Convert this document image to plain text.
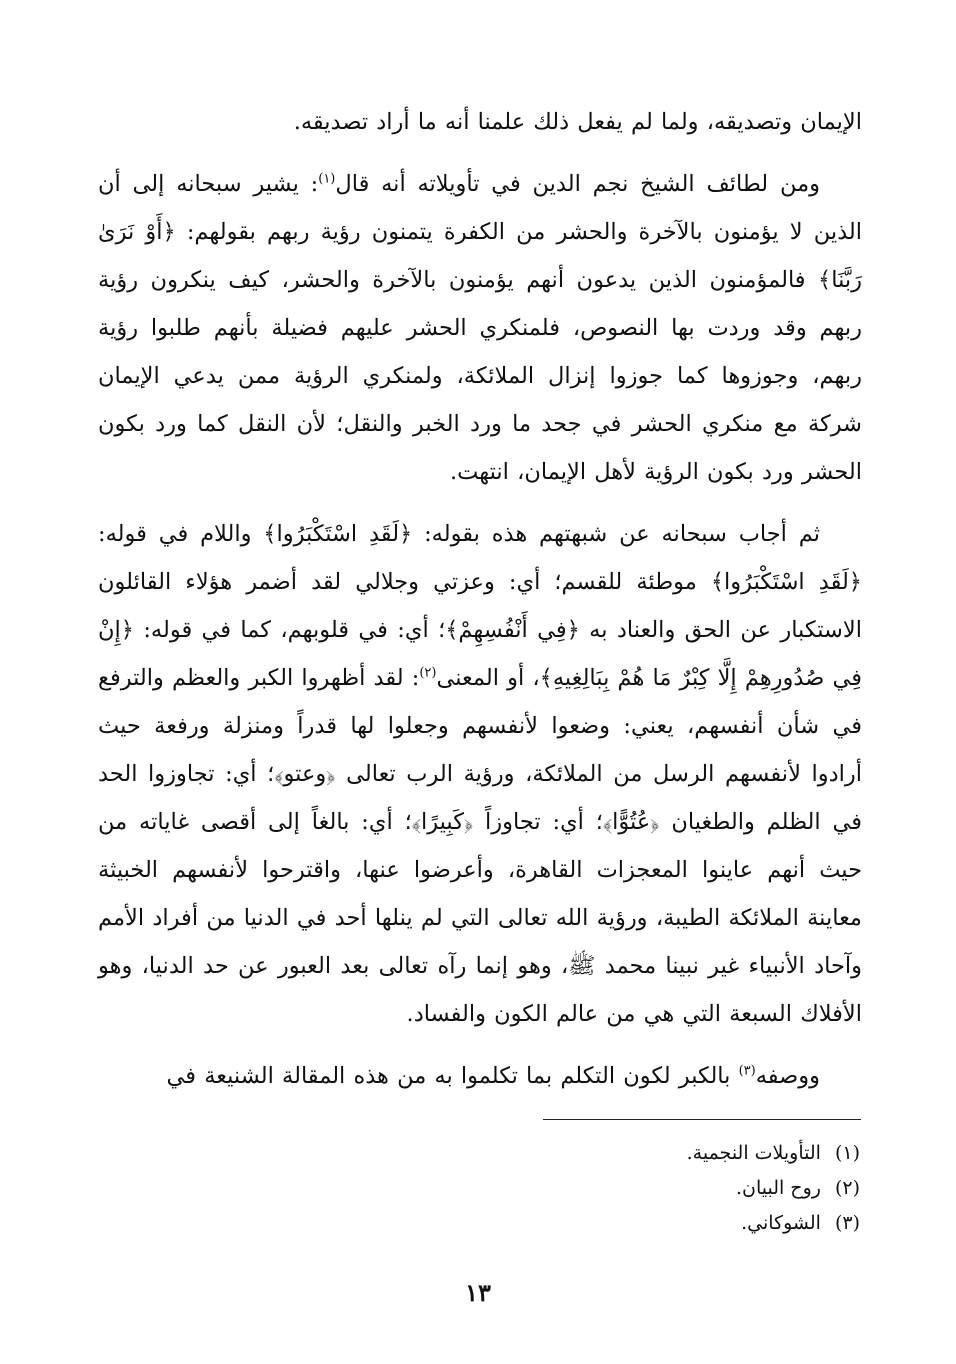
الإيمان وتصديقه، ولما لم يفعل ذلك علمنا أنه ما أراد تصديقه.

ومن لطائف الشيخ نجم الدين في تأويلاته أنه قال$^{(١)}$: يشير سبحانه إلى أن الذين لا يؤمنون بالآخرة والحشر من الكفرة يتمنون رؤية ربهم بقولهم: ﴿أَوْ نَرَىٰ رَبَّنَا﴾ فالمؤمنون الذين يدعون أنهم يؤمنون بالآخرة والحشر، كيف ينكرون رؤية ربهم وقد وردت بها النصوص، فلمنكري الحشر عليهم فضيلة بأنهم طلبوا رؤية ربهم، وجوزوها كما جوزوا إنزال الملائكة، ولمنكري الرؤية ممن يدعي الإيمان شركة مع منكري الحشر في جحد ما ورد الخبر والنقل؛ لأن النقل كما ورد بكون الحشر ورد بكون الرؤية لأهل الإيمان، انتهت.

ثم أجاب سبحانه عن شبهتهم هذه بقوله: ﴿لَقَدِ اسْتَكْبَرُوا﴾ واللام في قوله: ﴿لَقَدِ اسْتَكْبَرُوا﴾ موطئة للقسم؛ أي: وعزتي وجلالي لقد أضمر هؤلاء القائلون الاستكبار عن الحق والعناد به ﴿فِي أَنْفُسِهِمْ﴾؛ أي: في قلوبهم، كما في قوله: ﴿إِنْ فِي صُدُورِهِمْ إِلَّا كِبْرٌ مَا هُمْ بِبَالِغِيهِ﴾، أو المعنى$^{(٢)}$: لقد أظهروا الكبر والعظم والترفع في شأن أنفسهم، يعني: وضعوا لأنفسهم وجعلوا لها قدراً ومنزلة ورفعة حيث أرادوا لأنفسهم الرسل من الملائكة، ورؤية الرب تعالى ﴿وعتو﴾؛ أي: تجاوزوا الحد في الظلم والطغيان ﴿عُتُوًّا﴾؛ أي: تجاوزاً ﴿كَبِيرًا﴾؛ أي: بالغاً إلى أقصى غاياته من حيث أنهم عاينوا المعجزات القاهرة، وأعرضوا عنها، واقترحوا لأنفسهم الخبيثة معاينة الملائكة الطيبة، ورؤية الله تعالى التي لم ينلها أحد في الدنيا من أفراد الأمم وآحاد الأنبياء غير نبينا محمد ﷺ، وهو إنما رآه تعالى بعد العبور عن حد الدنيا، وهو الأفلاك السبعة التي هي من عالم الكون والفساد.

ووصفه$^{(٣)}$ بالكبر لكون التكلم بما تكلموا به من هذه المقالة الشنيعة في

(١)التأويلات النجمية.
(٢)روح البيان.
(٣)الشوكاني.
١٣
